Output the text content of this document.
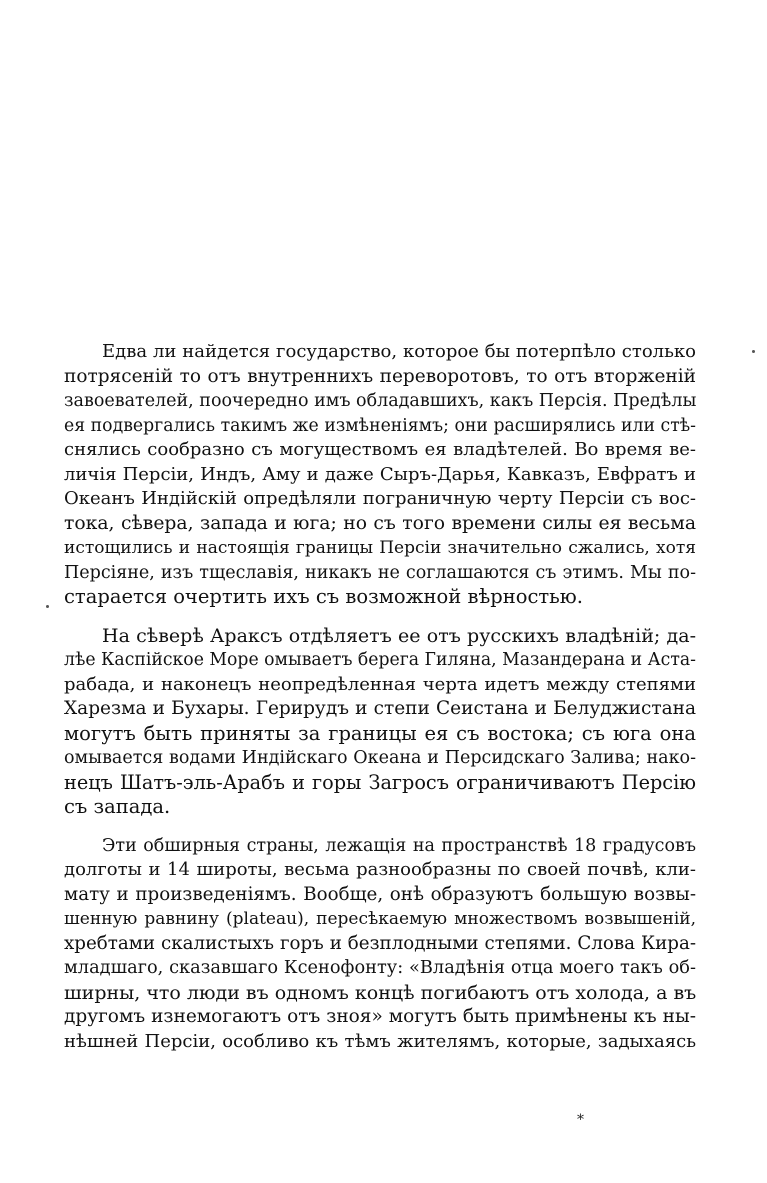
Едва ли найдется государство, которое бы потерпѣло столько
потрясеній то отъ внутреннихъ переворотовъ, то отъ вторженій
завоевателей, поочередно имъ обладавшихъ, какъ Персія. Предѣлы
ея подвергались такимъ же измѣненіямъ; они расширялись или стѣ-
снялись сообразно съ могуществомъ ея владѣтелей. Во время ве-
личія Персіи, Индъ, Аму и даже Сыръ-Дарья, Кавказъ, Евфратъ и
Океанъ Индійскій опредѣляли пограничную черту Персіи съ вос-
тока, сѣвера, запада и юга; но съ того времени силы ея весьма
истощились и настоящія границы Персіи значительно сжались, хотя
Персіяне, изъ тщеславія, никакъ не соглашаются съ этимъ. Мы по-
старается очертить ихъ съ возможной вѣрностью.
На сѣверѣ Араксъ отдѣляетъ ее отъ русскихъ владѣній; да-
лѣе Каспійское Море омываетъ берега Гиляна, Мазандерана и Аста-
рабада, и наконецъ неопредѣленная черта идетъ между степями
Харезма и Бухары. Герирудъ и степи Сеистана и Белуджистана
могутъ быть приняты за границы ея съ востока; съ юга она
омывается водами Индійскаго Океана и Персидскаго Залива; нако-
нецъ Шатъ-эль-Арабъ и горы Загросъ ограничиваютъ Персію
съ запада.
Эти обширныя страны, лежащія на пространствѣ 18 градусовъ
долготы и 14 широты, весьма разнообразны по своей почвѣ, кли-
мату и произведеніямъ. Вообще, онѣ образуютъ большую возвы-
шенную равнину (plateau), пересѣкаемую множествомъ возвышеній,
хребтами скалистыхъ горъ и безплодными степями. Слова Кира-
младшаго, сказавшаго Ксенофонту: «Владѣнія отца моего такъ об-
ширны, что люди въ одномъ концѣ погибаютъ отъ холода, а въ
другомъ изнемогаютъ отъ зноя» могутъ быть примѣнены къ ны-
нѣшней Персіи, особливо къ тѣмъ жителямъ, которые, задыхаясь
*
